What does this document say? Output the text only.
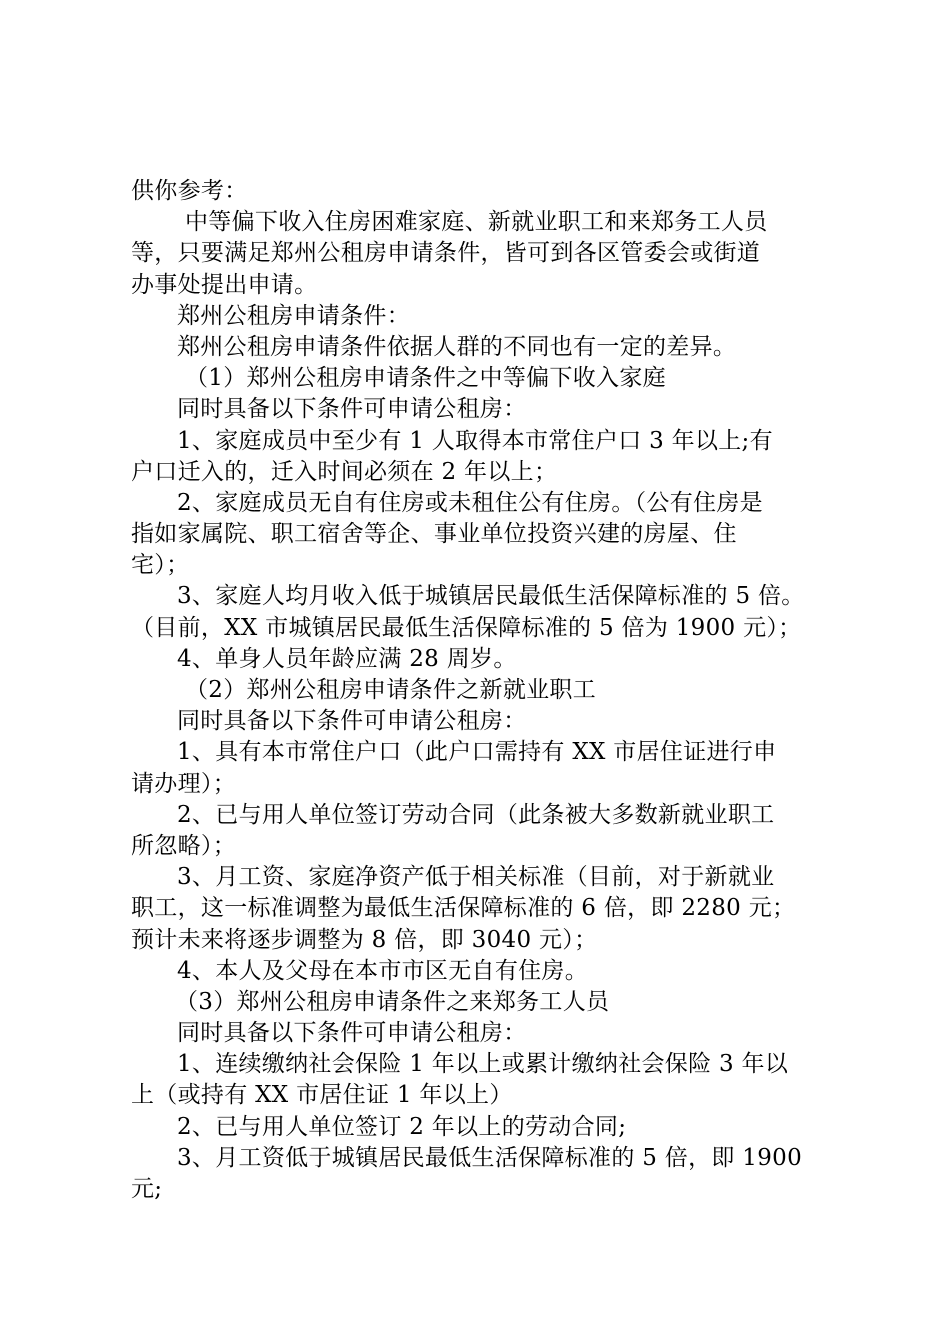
供你参考：
中等偏下收入住房困难家庭、新就业职工和来郑务工人员
等，只要满足郑州公租房申请条件，皆可到各区管委会或街道
办事处提出申请。
郑州公租房申请条件：
郑州公租房申请条件依据人群的不同也有一定的差异。
（1）郑州公租房申请条件之中等偏下收入家庭
同时具备以下条件可申请公租房：
1、家庭成员中至少有 1 人取得本市常住户口 3 年以上;有
户口迁入的，迁入时间必须在 2 年以上；
2、家庭成员无自有住房或未租住公有住房。（公有住房是
指如家属院、职工宿舍等企、事业单位投资兴建的房屋、住
宅）；
3、家庭人均月收入低于城镇居民最低生活保障标准的 5 倍。
（目前，XX 市城镇居民最低生活保障标准的 5 倍为 1900 元）；
4、单身人员年龄应满 28 周岁。
（2）郑州公租房申请条件之新就业职工
同时具备以下条件可申请公租房：
1、具有本市常住户口（此户口需持有 XX 市居住证进行申
请办理）；
2、已与用人单位签订劳动合同（此条被大多数新就业职工
所忽略）；
3、月工资、家庭净资产低于相关标准（目前，对于新就业
职工，这一标准调整为最低生活保障标准的 6 倍，即 2280 元；
预计未来将逐步调整为 8 倍，即 3040 元）；
4、本人及父母在本市市区无自有住房。
（3）郑州公租房申请条件之来郑务工人员
同时具备以下条件可申请公租房：
1、连续缴纳社会保险 1 年以上或累计缴纳社会保险 3 年以
上（或持有 XX 市居住证 1 年以上）
2、已与用人单位签订 2 年以上的劳动合同;
3、月工资低于城镇居民最低生活保障标准的 5 倍，即 1900
元;
